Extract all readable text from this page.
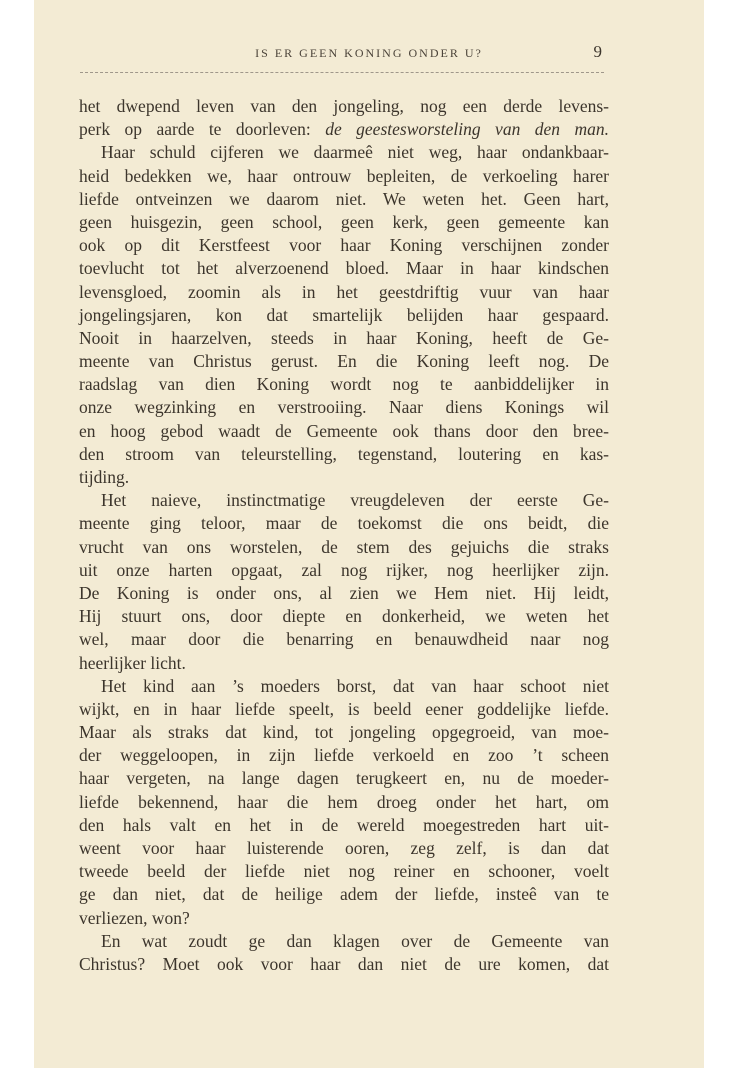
IS ER GEEN KONING ONDER U?	9
het dwepend leven van den jongeling, nog een derde levens-
perk op aarde te doorleven: de geestesworsteling van den man.
Haar schuld cijferen we daarmeê niet weg, haar ondankbaar-
heid bedekken we, haar ontrouw bepleiten, de verkoeling harer
liefde ontveinzen we daarom niet. We weten het. Geen hart,
geen huisgezin, geen school, geen kerk, geen gemeente kan
ook op dit Kerstfeest voor haar Koning verschijnen zonder
toevlucht tot het alverzoenend bloed. Maar in haar kindschen
levensgloed, zoomin als in het geestdriftig vuur van haar
jongelingsjaren, kon dat smartelijk belijden haar gespaard.
Nooit in haarzelven, steeds in haar Koning, heeft de Ge-
meente van Christus gerust. En die Koning leeft nog. De
raadslag van dien Koning wordt nog te aanbiddelijker in
onze wegzinking en verstrooiing. Naar diens Konings wil
en hoog gebod waadt de Gemeente ook thans door den bree-
den stroom van teleurstelling, tegenstand, loutering en kas-
tijding.
Het naieve, instinctmatige vreugdeleven der eerste Ge-
meente ging teloor, maar de toekomst die ons beidt, die
vrucht van ons worstelen, de stem des gejuichs die straks
uit onze harten opgaat, zal nog rijker, nog heerlijker zijn.
De Koning is onder ons, al zien we Hem niet. Hij leidt,
Hij stuurt ons, door diepte en donkerheid, we weten het
wel, maar door die benarring en benauwdheid naar nog
heerlijker licht.
Het kind aan ’s moeders borst, dat van haar schoot niet
wijkt, en in haar liefde speelt, is beeld eener goddelijke liefde.
Maar als straks dat kind, tot jongeling opgegroeid, van moe-
der weggeloopen, in zijn liefde verkoeld en zoo ’t scheen
haar vergeten, na lange dagen terugkeert en, nu de moeder-
liefde bekennend, haar die hem droeg onder het hart, om
den hals valt en het in de wereld moegestreden hart uit-
weent voor haar luisterende ooren, zeg zelf, is dan dat
tweede beeld der liefde niet nog reiner en schooner, voelt
ge dan niet, dat de heilige adem der liefde, insteê van te
verliezen, won?
En wat zoudt ge dan klagen over de Gemeente van
Christus? Moet ook voor haar dan niet de ure komen, dat
